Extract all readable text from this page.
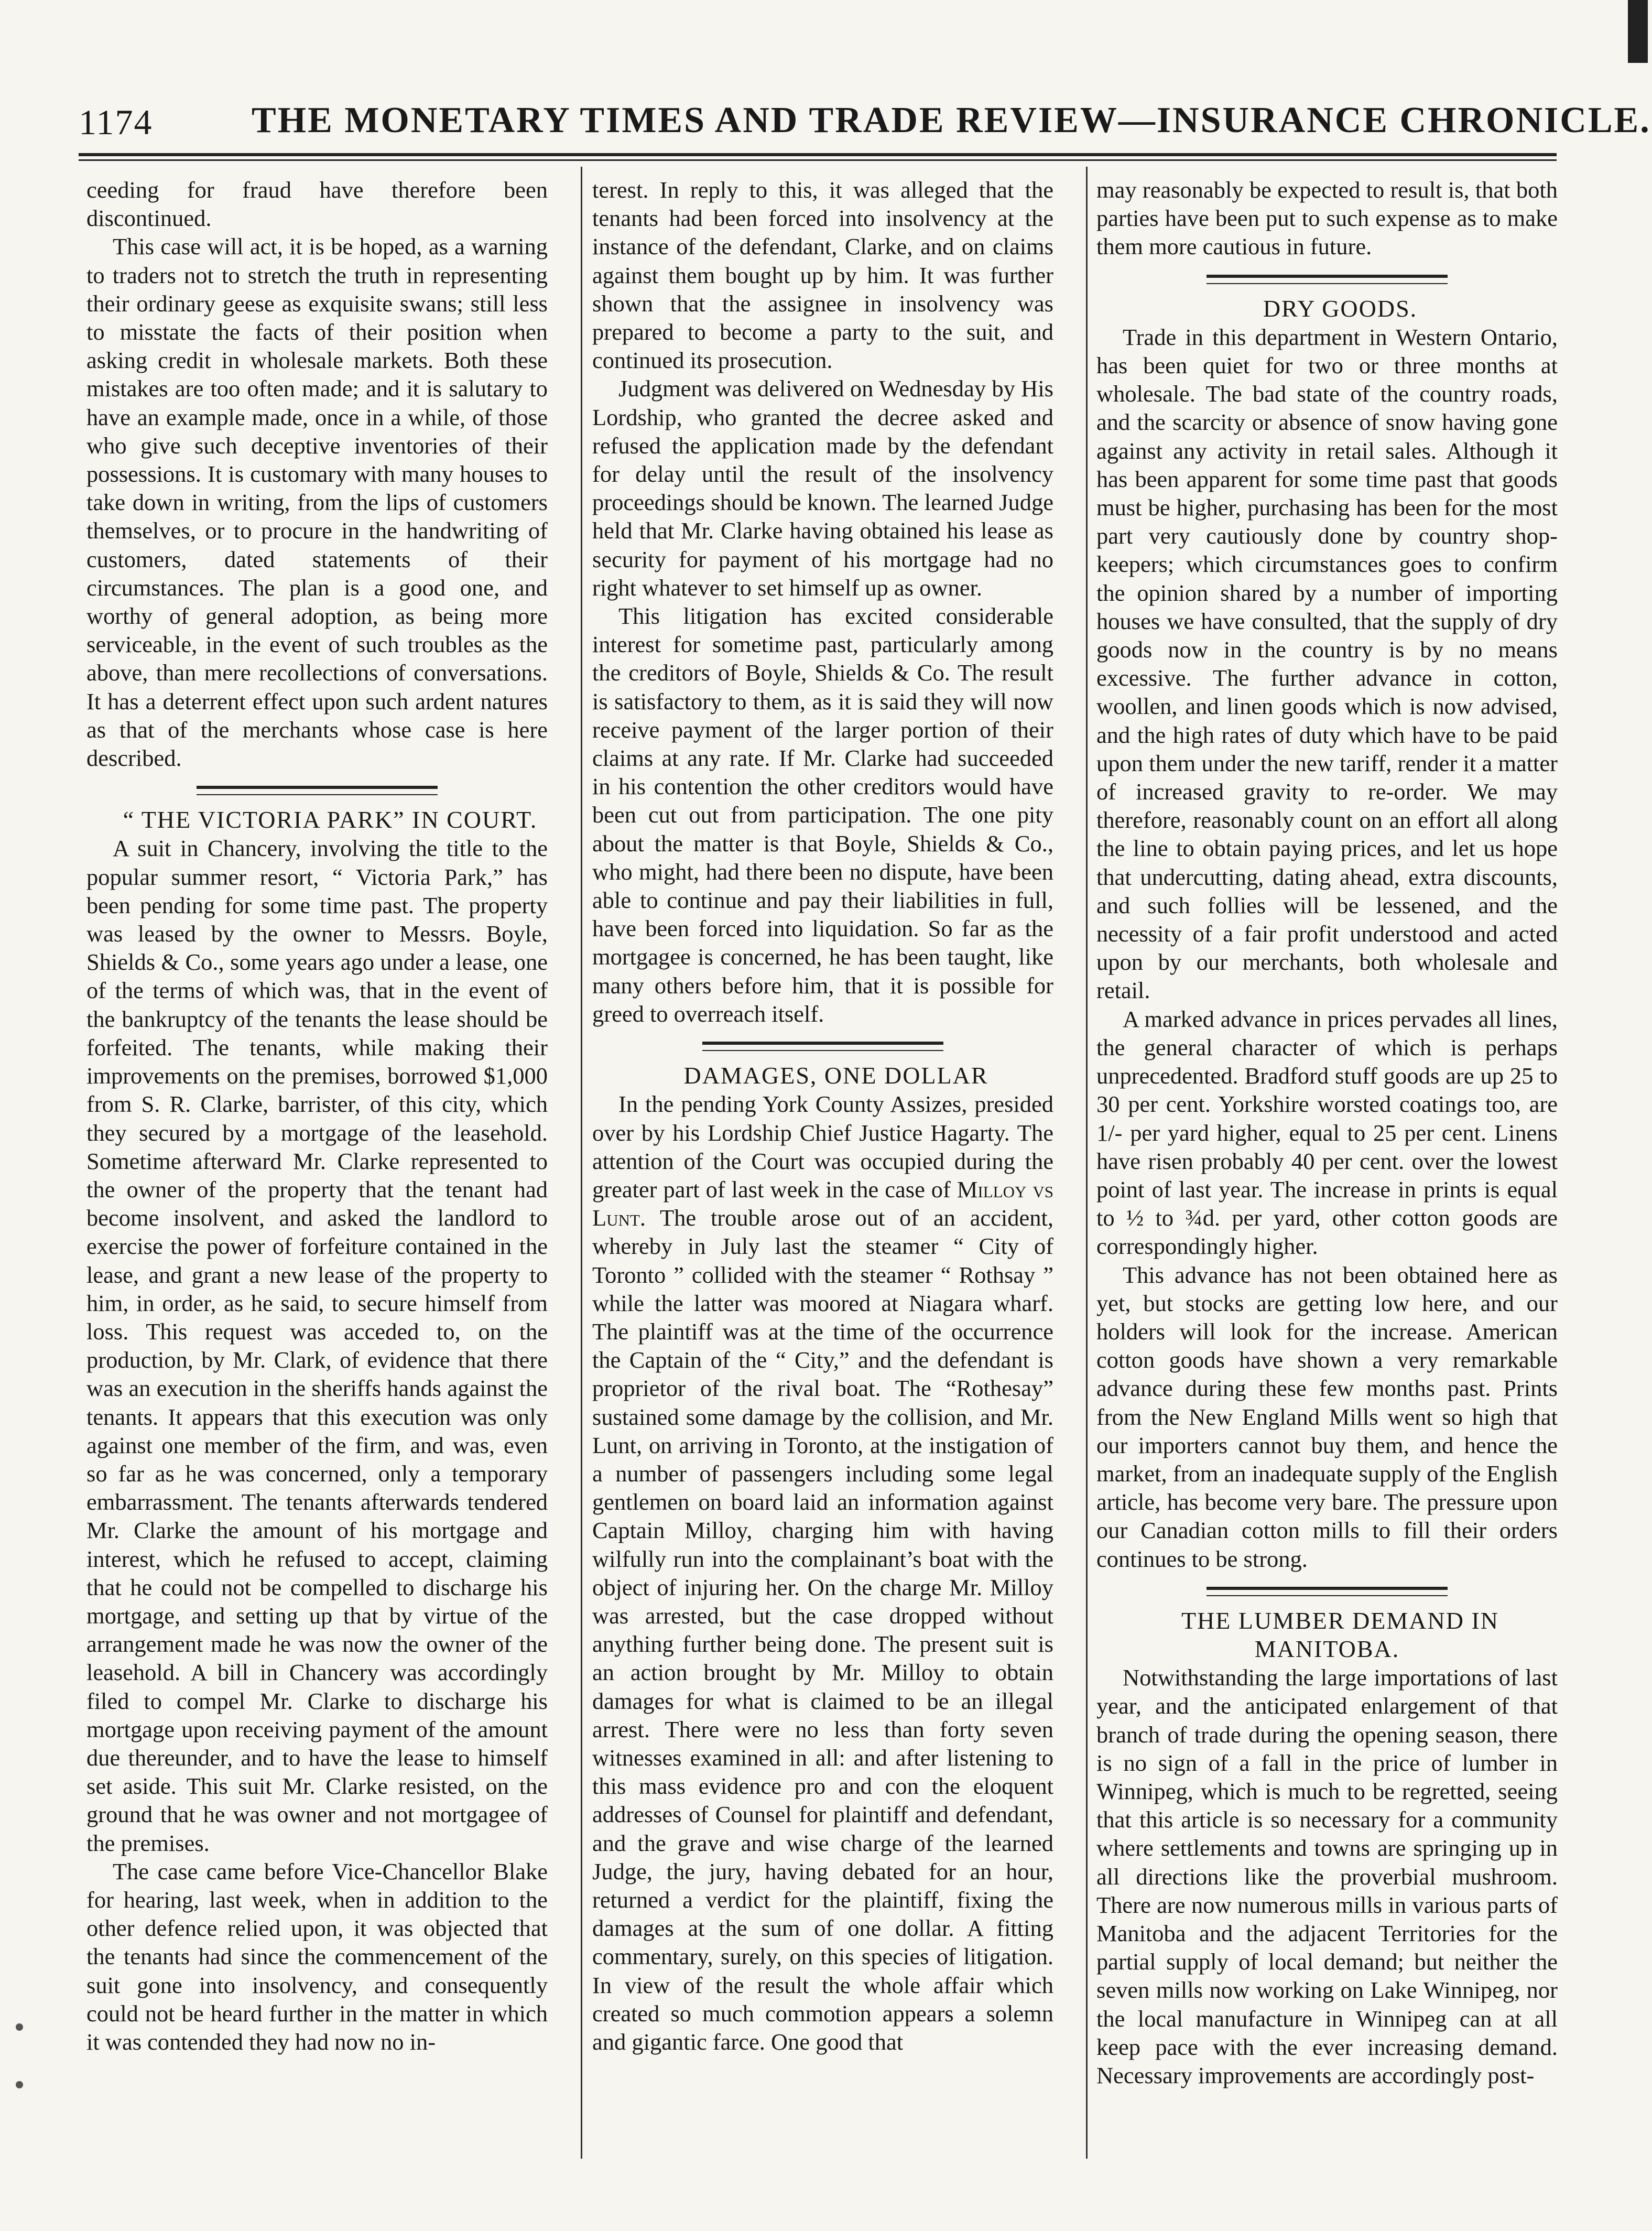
1174	THE MONETARY TIMES AND TRADE REVIEW—INSURANCE CHRONICLE.

ceeding for fraud have therefore been discontinued.

This case will act, it is be hoped, as a warning to traders not to stretch the truth in representing their ordinary geese as exquisite swans; still less to misstate the facts of their position when asking credit in wholesale markets. Both these mistakes are too often made; and it is salutary to have an example made, once in a while, of those who give such deceptive inventories of their possessions. It is customary with many houses to take down in writing, from the lips of customers themselves, or to procure in the handwriting of customers, dated statements of their circumstances. The plan is a good one, and worthy of general adoption, as being more serviceable, in the event of such troubles as the above, than mere recollections of conversations. It has a deterrent effect upon such ardent natures as that of the merchants whose case is here described.

“ THE VICTORIA PARK” IN COURT.

A suit in Chancery, involving the title to the popular summer resort, “ Victoria Park,” has been pending for some time past. The property was leased by the owner to Messrs. Boyle, Shields & Co., some years ago under a lease, one of the terms of which was, that in the event of the bankruptcy of the tenants the lease should be forfeited. The tenants, while making their improvements on the premises, borrowed $1,000 from S. R. Clarke, barrister, of this city, which they secured by a mortgage of the leasehold. Sometime afterward Mr. Clarke represented to the owner of the property that the tenant had become insolvent, and asked the landlord to exercise the power of forfeiture contained in the lease, and grant a new lease of the property to him, in order, as he said, to secure himself from loss. This request was acceded to, on the production, by Mr. Clark, of evidence that there was an execution in the sheriffs hands against the tenants. It appears that this execution was only against one member of the firm, and was, even so far as he was concerned, only a temporary embarrassment. The tenants afterwards tendered Mr. Clarke the amount of his mortgage and interest, which he refused to accept, claiming that he could not be compelled to discharge his mortgage, and setting up that by virtue of the arrangement made he was now the owner of the leasehold. A bill in Chancery was accordingly filed to compel Mr. Clarke to discharge his mortgage upon receiving payment of the amount due thereunder, and to have the lease to himself set aside. This suit Mr. Clarke resisted, on the ground that he was owner and not mortgagee of the premises.

The case came before Vice-Chancellor Blake for hearing, last week, when in addition to the other defence relied upon, it was objected that the tenants had since the commencement of the suit gone into insolvency, and consequently could not be heard further in the matter in which it was contended they had now no in-

terest. In reply to this, it was alleged that the tenants had been forced into insolvency at the instance of the defendant, Clarke, and on claims against them bought up by him. It was further shown that the assignee in insolvency was prepared to become a party to the suit, and continued its prosecution.

Judgment was delivered on Wednesday by His Lordship, who granted the decree asked and refused the application made by the defendant for delay until the result of the insolvency proceedings should be known. The learned Judge held that Mr. Clarke having obtained his lease as security for payment of his mortgage had no right whatever to set himself up as owner.

This litigation has excited considerable interest for sometime past, particularly among the creditors of Boyle, Shields & Co. The result is satisfactory to them, as it is said they will now receive payment of the larger portion of their claims at any rate. If Mr. Clarke had succeeded in his contention the other creditors would have been cut out from participation. The one pity about the matter is that Boyle, Shields & Co., who might, had there been no dispute, have been able to continue and pay their liabilities in full, have been forced into liquidation. So far as the mortgagee is concerned, he has been taught, like many others before him, that it is possible for greed to overreach itself.

DAMAGES, ONE DOLLAR

In the pending York County Assizes, presided over by his Lordship Chief Justice Hagarty. The attention of the Court was occupied during the greater part of last week in the case of Milloy vs Lunt. The trouble arose out of an accident, whereby in July last the steamer “ City of Toronto ” collided with the steamer “ Rothsay ” while the latter was moored at Niagara wharf. The plaintiff was at the time of the occurrence the Captain of the “ City,” and the defendant is proprietor of the rival boat. The “Rothesay” sustained some damage by the collision, and Mr. Lunt, on arriving in Toronto, at the instigation of a number of passengers including some legal gentlemen on board laid an information against Captain Milloy, charging him with having wilfully run into the complainant’s boat with the object of injuring her. On the charge Mr. Milloy was arrested, but the case dropped without anything further being done. The present suit is an action brought by Mr. Milloy to obtain damages for what is claimed to be an illegal arrest. There were no less than forty seven witnesses examined in all: and after listening to this mass evidence pro and con the eloquent addresses of Counsel for plaintiff and defendant, and the grave and wise charge of the learned Judge, the jury, having debated for an hour, returned a verdict for the plaintiff, fixing the damages at the sum of one dollar. A fitting commentary, surely, on this species of litigation. In view of the result the whole affair which created so much commotion appears a solemn and gigantic farce. One good that

may reasonably be expected to result is, that both parties have been put to such expense as to make them more cautious in future.

DRY GOODS.

Trade in this department in Western Ontario, has been quiet for two or three months at wholesale. The bad state of the country roads, and the scarcity or absence of snow having gone against any activity in retail sales. Although it has been apparent for some time past that goods must be higher, purchasing has been for the most part very cautiously done by country shop-keepers; which circumstances goes to confirm the opinion shared by a number of importing houses we have consulted, that the supply of dry goods now in the country is by no means excessive. The further advance in cotton, woollen, and linen goods which is now advised, and the high rates of duty which have to be paid upon them under the new tariff, render it a matter of increased gravity to re-order. We may therefore, reasonably count on an effort all along the line to obtain paying prices, and let us hope that undercutting, dating ahead, extra discounts, and such follies will be lessened, and the necessity of a fair profit understood and acted upon by our merchants, both wholesale and retail.

A marked advance in prices pervades all lines, the general character of which is perhaps unprecedented. Bradford stuff goods are up 25 to 30 per cent. Yorkshire worsted coatings too, are 1/- per yard higher, equal to 25 per cent. Linens have risen probably 40 per cent. over the lowest point of last year. The increase in prints is equal to ½ to ¾d. per yard, other cotton goods are correspondingly higher.

This advance has not been obtained here as yet, but stocks are getting low here, and our holders will look for the increase. American cotton goods have shown a very remarkable advance during these few months past. Prints from the New England Mills went so high that our importers cannot buy them, and hence the market, from an inadequate supply of the English article, has become very bare. The pressure upon our Canadian cotton mills to fill their orders continues to be strong.

THE LUMBER DEMAND IN MANITOBA.

Notwithstanding the large importations of last year, and the anticipated enlargement of that branch of trade during the opening season, there is no sign of a fall in the price of lumber in Winnipeg, which is much to be regretted, seeing that this article is so necessary for a community where settlements and towns are springing up in all directions like the proverbial mushroom. There are now numerous mills in various parts of Manitoba and the adjacent Territories for the partial supply of local demand; but neither the seven mills now working on Lake Winnipeg, nor the local manufacture in Winnipeg can at all keep pace with the ever increasing demand. Necessary improvements are accordingly post-
